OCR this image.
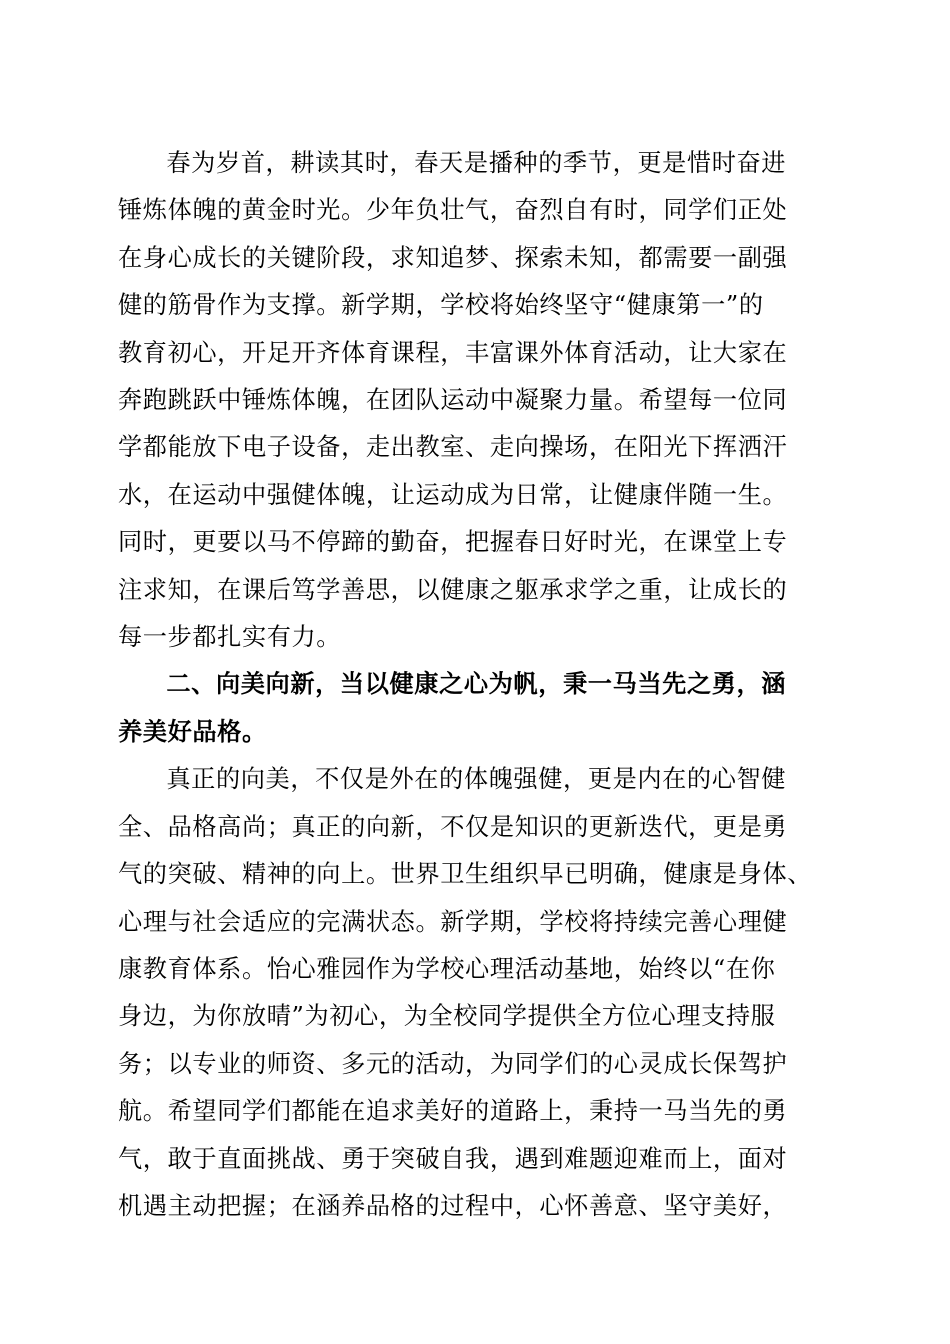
春为岁首，耕读其时，春天是播种的季节，更是惜时奋进
锤炼体魄的黄金时光。少年负壮气，奋烈自有时，同学们正处
在身心成长的关键阶段，求知追梦、探索未知，都需要一副强
健的筋骨作为支撑。新学期，学校将始终坚守“健康第一”的
教育初心，开足开齐体育课程，丰富课外体育活动，让大家在
奔跑跳跃中锤炼体魄，在团队运动中凝聚力量。希望每一位同
学都能放下电子设备，走出教室、走向操场，在阳光下挥洒汗
水，在运动中强健体魄，让运动成为日常，让健康伴随一生。
同时，更要以马不停蹄的勤奋，把握春日好时光，在课堂上专
注求知，在课后笃学善思，以健康之躯承求学之重，让成长的
每一步都扎实有力。
二、向美向新，当以健康之心为帆，秉一马当先之勇，涵
养美好品格。
真正的向美，不仅是外在的体魄强健，更是内在的心智健
全、品格高尚；真正的向新，不仅是知识的更新迭代，更是勇
气的突破、精神的向上。世界卫生组织早已明确，健康是身体、
心理与社会适应的完满状态。新学期，学校将持续完善心理健
康教育体系。怡心雅园作为学校心理活动基地，始终以“在你
身边，为你放晴”为初心，为全校同学提供全方位心理支持服
务；以专业的师资、多元的活动，为同学们的心灵成长保驾护
航。希望同学们都能在追求美好的道路上，秉持一马当先的勇
气，敢于直面挑战、勇于突破自我，遇到难题迎难而上，面对
机遇主动把握；在涵养品格的过程中，心怀善意、坚守美好，
